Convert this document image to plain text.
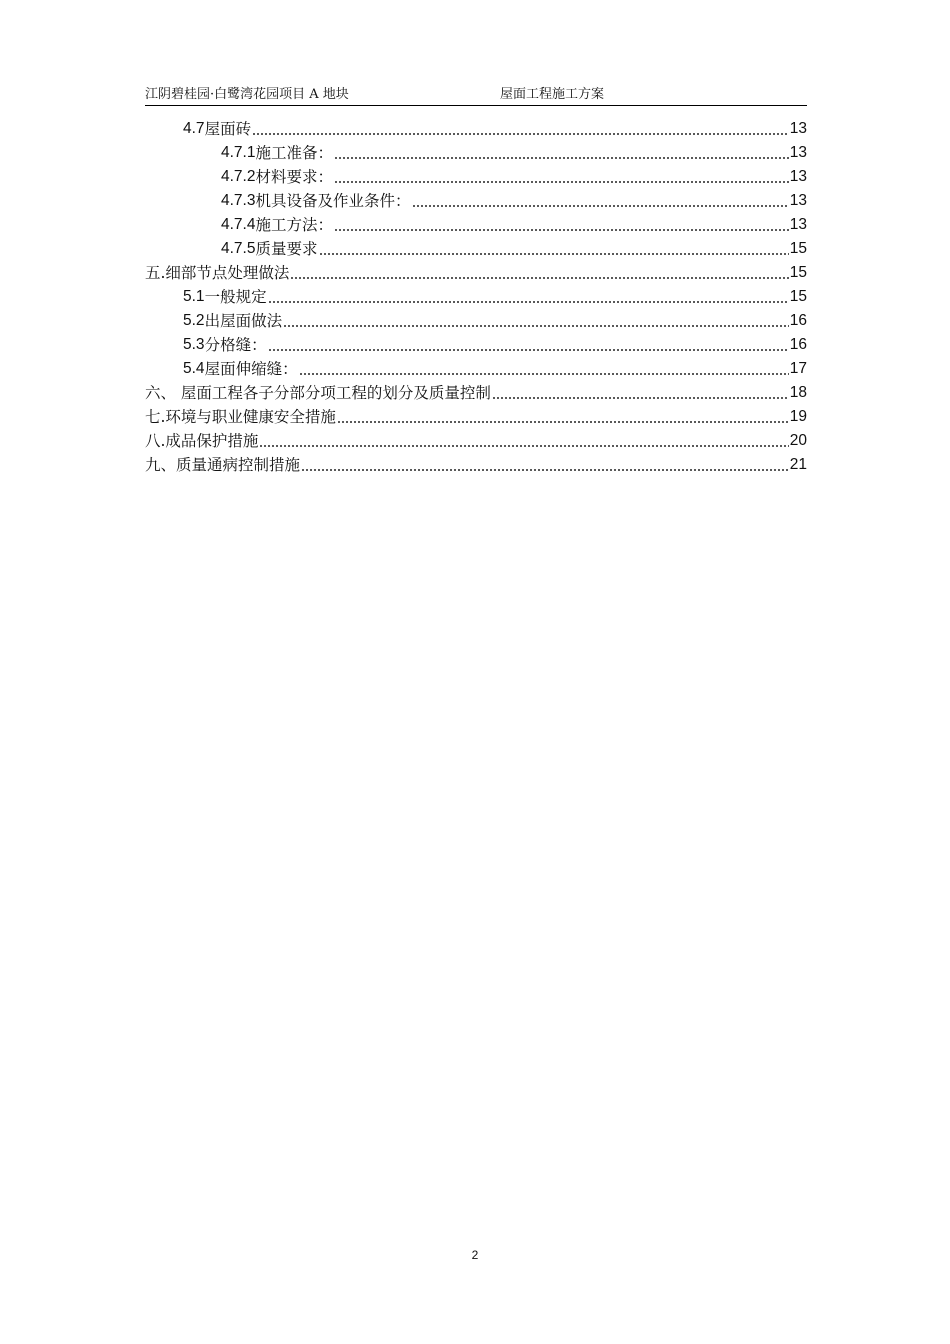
江阴碧桂园·白鹭湾花园项目 A 地块	屋面工程施工方案
4.7 屋面砖	13
4.7.1 施工准备：	13
4.7.2 材料要求：	13
4.7.3 机具设备及作业条件：	13
4.7.4 施工方法：	13
4.7.5 质量要求	15
五.细部节点处理做法	15
5.1 一般规定	15
5.2 出屋面做法	16
5.3 分格缝：	16
5.4 屋面伸缩缝：	17
六、 屋面工程各子分部分项工程的划分及质量控制	18
七.环境与职业健康安全措施	19
八.成品保护措施	20
九、质量通病控制措施	21
2
